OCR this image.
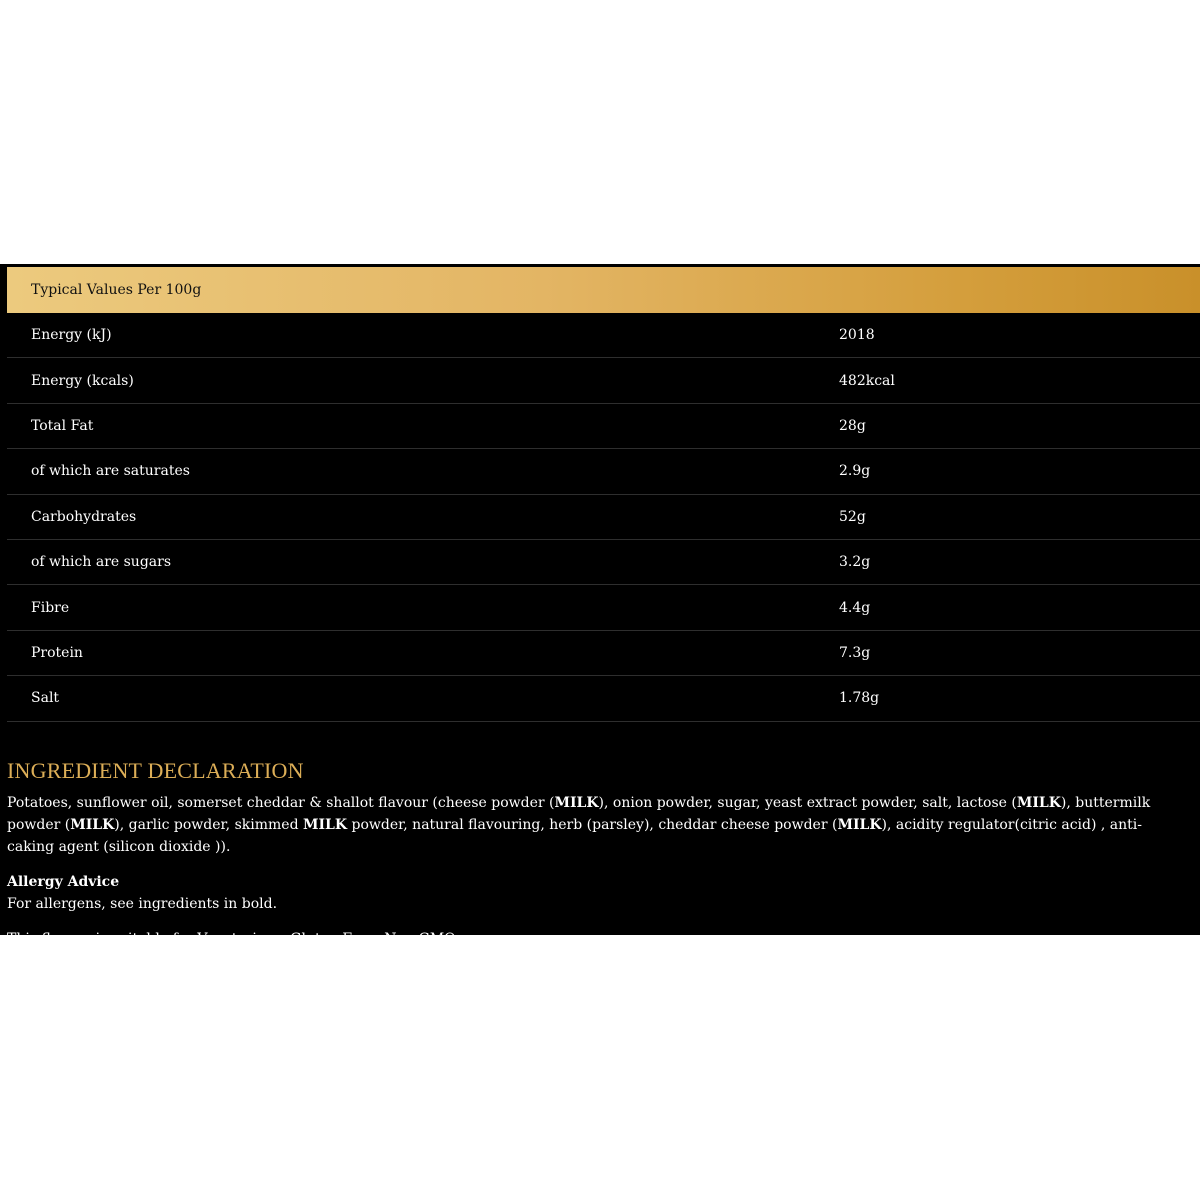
Typical Values Per 100g
Energy (kJ)	2018
Energy (kcals)	482kcal
Total Fat	28g
of which are saturates	2.9g
Carbohydrates	52g
of which are sugars	3.2g
Fibre	4.4g
Protein	7.3g
Salt	1.78g
INGREDIENT DECLARATION

Potatoes, sunflower oil, somerset cheddar & shallot flavour (cheese powder (MILK), onion powder, sugar, yeast extract powder, salt, lactose (MILK), buttermilk powder (MILK), garlic powder, skimmed MILK powder, natural flavouring, herb (parsley), cheddar cheese powder (MILK), acidity regulator(citric acid) , anti-caking agent (silicon dioxide )).

Allergy Advice

For allergens, see ingredients in bold.

This flavour is suitable for Vegetarians. Gluten Free. Non-GMO
